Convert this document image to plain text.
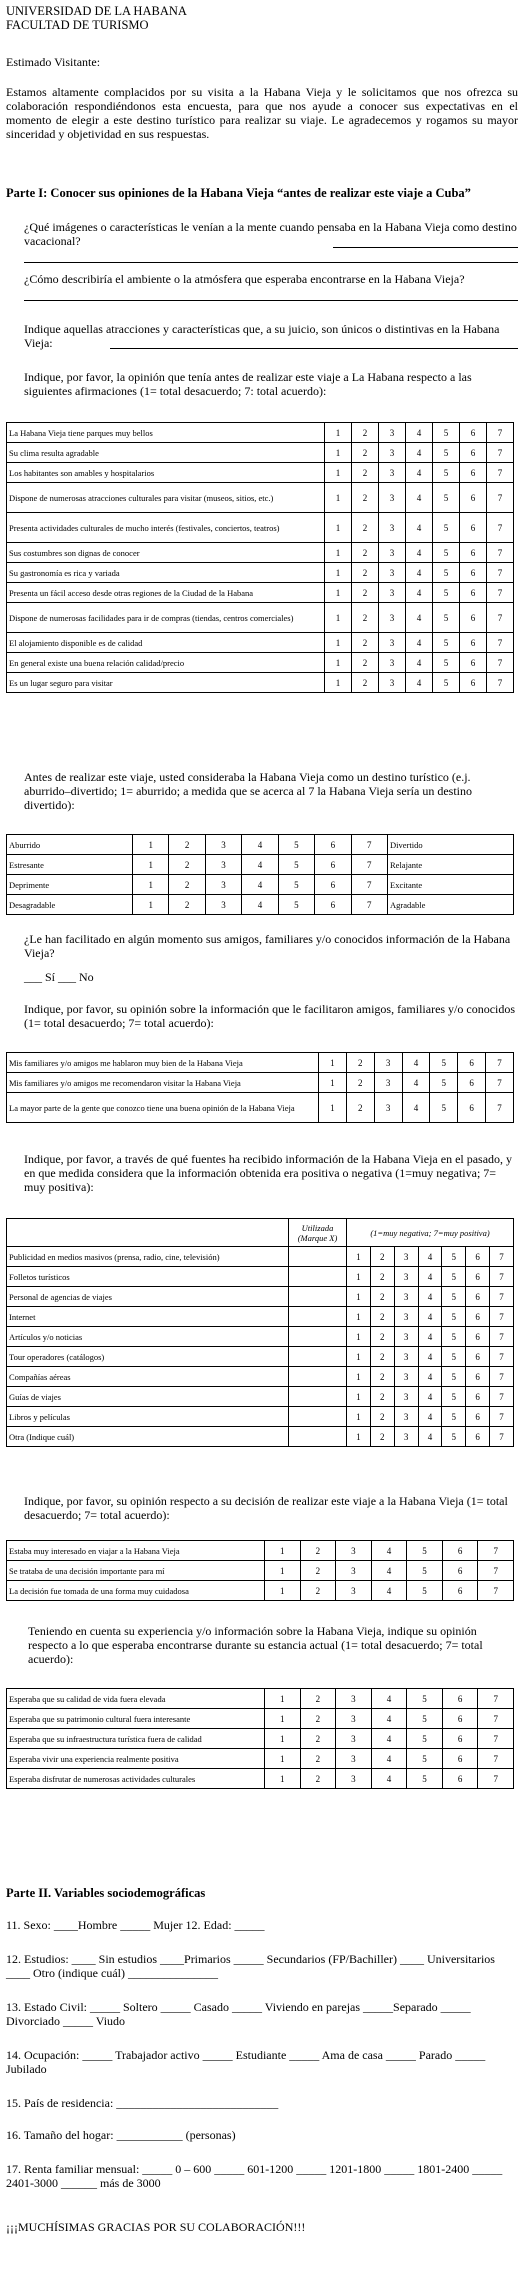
UNIVERSIDAD DE LA HABANA
FACULTAD DE TURISMO
Estimado Visitante:
Estamos altamente complacidos por su visita a la Habana Vieja y le solicitamos que nos ofrezca su colaboración respondiéndonos esta encuesta, para que nos ayude a conocer sus expectativas en el momento de elegir a este destino turístico para realizar su viaje. Le agradecemos y rogamos su mayor sinceridad y objetividad en sus respuestas.
Parte I: Conocer sus opiniones de la Habana Vieja “antes de realizar este viaje a Cuba”
¿Qué imágenes o características le venían a la mente cuando pensaba en la Habana Vieja como destino vacacional?
¿Cómo describiría el ambiente o la atmósfera que esperaba encontrarse en la Habana Vieja?
Indique aquellas atracciones y características que, a su juicio, son únicos o distintivas en la Habana Vieja:
Indique, por favor, la opinión que tenía antes de realizar este viaje a La Habana respecto a las siguientes afirmaciones (1= total desacuerdo; 7: total acuerdo):
La Habana Vieja tiene parques muy bellos	1	2	3	4	5	6	7
Su clima resulta agradable	1	2	3	4	5	6	7
Los habitantes son amables y hospitalarios	1	2	3	4	5	6	7
Dispone de numerosas atracciones culturales para visitar (museos, sitios, etc.)	1	2	3	4	5	6	7
Presenta actividades culturales de mucho interés (festivales, conciertos, teatros)	1	2	3	4	5	6	7
Sus costumbres son dignas de conocer	1	2	3	4	5	6	7
Su gastronomía es rica y variada	1	2	3	4	5	6	7
Presenta un fácil acceso desde otras regiones de la Ciudad de la Habana	1	2	3	4	5	6	7
Dispone de numerosas facilidades para ir de compras (tiendas, centros comerciales)	1	2	3	4	5	6	7
El alojamiento disponible es de calidad	1	2	3	4	5	6	7
En general existe una buena relación calidad/precio	1	2	3	4	5	6	7
Es un lugar seguro para visitar	1	2	3	4	5	6	7
Antes de realizar este viaje, usted consideraba la Habana Vieja como un destino turístico (e.j. aburrido–divertido; 1= aburrido; a medida que se acerca al 7 la Habana Vieja sería un destino divertido):
Aburrido	1	2	3	4	5	6	7	Divertido
Estresante	1	2	3	4	5	6	7	Relajante
Deprimente	1	2	3	4	5	6	7	Excitante
Desagradable	1	2	3	4	5	6	7	Agradable
¿Le han facilitado en algún momento sus amigos, familiares y/o conocidos información de la Habana Vieja?
___ Sí ___ No
Indique, por favor, su opinión sobre la información que le facilitaron amigos, familiares y/o conocidos (1= total desacuerdo; 7= total acuerdo):
Mis familiares y/o amigos me hablaron muy bien de la Habana Vieja	1	2	3	4	5	6	7
Mis familiares y/o amigos me recomendaron visitar la Habana Vieja	1	2	3	4	5	6	7
La mayor parte de la gente que conozco tiene una buena opinión de la Habana Vieja	1	2	3	4	5	6	7
Indique, por favor, a través de qué fuentes ha recibido información de la Habana Vieja en el pasado, y en que medida considera que la información obtenida era positiva o negativa (1=muy negativa; 7= muy positiva):
	Utilizada (Marque X)	(1=muy negativa; 7=muy positiva)						
Publicidad en medios masivos (prensa, radio, cine, televisión)		1	2	3	4	5	6	7
Folletos turísticos		1	2	3	4	5	6	7
Personal de agencias de viajes		1	2	3	4	5	6	7
Internet		1	2	3	4	5	6	7
Artículos y/o noticias		1	2	3	4	5	6	7
Tour operadores (catálogos)		1	2	3	4	5	6	7
Compañías aéreas		1	2	3	4	5	6	7
Guías de viajes		1	2	3	4	5	6	7
Libros y películas		1	2	3	4	5	6	7
Otra (Indique cuál)		1	2	3	4	5	6	7
Indique, por favor, su opinión respecto a su decisión de realizar este viaje a la Habana Vieja (1= total desacuerdo; 7= total acuerdo):
Estaba muy interesado en viajar a la Habana Vieja	1	2	3	4	5	6	7
Se trataba de una decisión importante para mí	1	2	3	4	5	6	7
La decisión fue tomada de una forma muy cuidadosa	1	2	3	4	5	6	7
Teniendo en cuenta su experiencia y/o información sobre la Habana Vieja, indique su opinión respecto a lo que esperaba encontrarse durante su estancia actual (1= total desacuerdo; 7= total acuerdo):
Esperaba que su calidad de vida fuera elevada	1	2	3	4	5	6	7
Esperaba que su patrimonio cultural fuera interesante	1	2	3	4	5	6	7
Esperaba que su infraestructura turística fuera de calidad	1	2	3	4	5	6	7
Esperaba vivir una experiencia realmente positiva	1	2	3	4	5	6	7
Esperaba disfrutar de numerosas actividades culturales	1	2	3	4	5	6	7
Parte II. Variables sociodemográficas
11. Sexo: ____Hombre _____ Mujer 12. Edad: _____
12. Estudios: ____ Sin estudios ____Primarios _____ Secundarios (FP/Bachiller) ____ Universitarios ____ Otro (indique cuál) _______________
13. Estado Civil: _____ Soltero _____ Casado _____ Viviendo en parejas _____Separado _____ Divorciado _____ Viudo
14. Ocupación: _____ Trabajador activo _____ Estudiante _____ Ama de casa _____ Parado _____ Jubilado
15. País de residencia: ___________________________
16. Tamaño del hogar: ___________ (personas)
17. Renta familiar mensual: _____ 0 – 600 _____ 601-1200 _____ 1201-1800 _____ 1801-2400 _____ 2401-3000 ______ más de 3000
¡¡¡MUCHÍSIMAS GRACIAS POR SU COLABORACIÓN!!!
